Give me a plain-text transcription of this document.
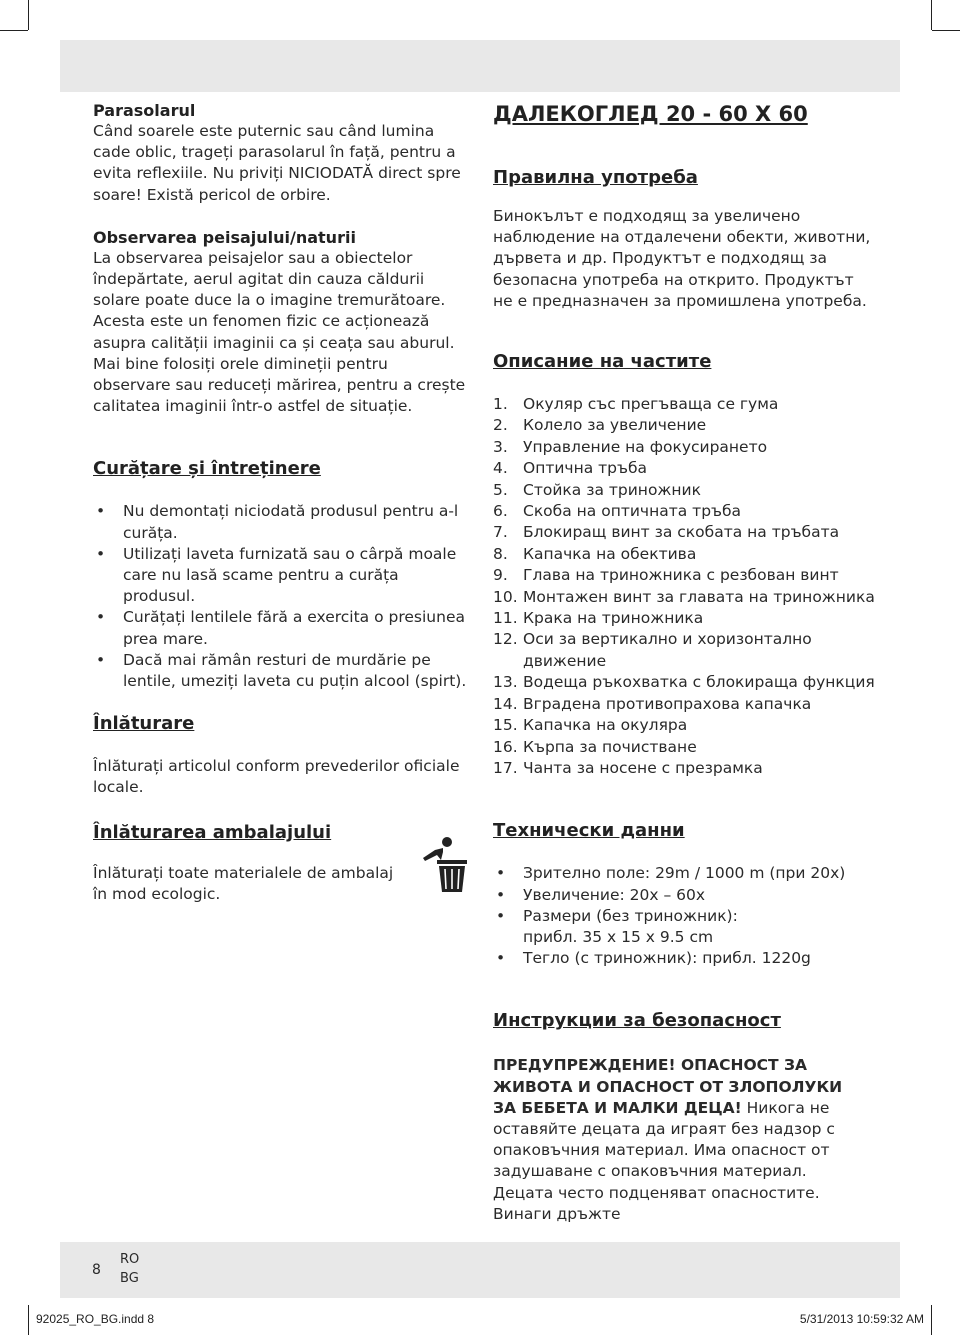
Parasolarul

Când soarele este puternic sau când lumina cade oblic, trageți parasolarul în față, pentru a evita reflexiile. Nu priviți NICIODATĂ direct spre soare! Există pericol de orbire.

Observarea peisajului/naturii

La observarea peisajelor sau a obiectelor îndepărtate, aerul agitat din cauza căldurii solare poate duce la o imagine tremurătoare. Acesta este un fenomen fizic ce acționează asupra calității imaginii ca și ceața sau aburul. Mai bine folosiți orele dimineții pentru observare sau reduceți mărirea, pentru a crește calitatea imaginii într-o astfel de situație.

Curățare și întreținere

• Nu demontați niciodată produsul pentru a-l curăța.
• Utilizați laveta furnizată sau o cârpă moale care nu lasă scame pentru a curăța produsul.
• Curățați lentilele fără a exercita o presiunea prea mare.
• Dacă mai rămân resturi de murdărie pe lentile, umeziți laveta cu puțin alcool (spirt).

Înlăturare

Înlăturați articolul conform prevederilor oficiale locale.

Înlăturarea ambalajului

Înlăturați toate materialele de ambalaj în mod ecologic.

ДАЛЕКОГЛЕД 20 - 60 X 60

Правилна употреба

Бинокълът е подходящ за увеличено наблюдение на отдалечени обекти, животни, дървета и др. Продуктът е подходящ за безопасна употреба на открито. Продуктът не е предназначен за промишлена употреба.

Описание на частите

1. Окуляр със прегъваща се гума
2. Колело за увеличение
3. Управление на фокусирането
4. Оптична тръба
5. Стойка за триножник
6. Скоба на оптичната тръба
7. Блокиращ винт за скобата на тръбата
8. Капачка на обектива
9. Глава на триножника с резбован винт
10. Монтажен винт за главата на триножника
11. Крака на триножника
12. Оси за вертикално и хоризонтално движение
13. Водеща ръкохватка с блокираща функция
14. Вградена противопрахова капачка
15. Капачка на окуляра
16. Кърпа за почистване
17. Чанта за носене с презрамка

Технически данни

• Зрително поле: 29m / 1000 m (при 20x)
• Увеличение: 20x – 60x
• Размери (без триножник): прибл. 35 x 15 x 9.5 cm
• Тегло (с триножник): прибл. 1220g

Инструкции за безопасност

ПРЕДУПРЕЖДЕНИЕ! ОПАСНОСТ ЗА ЖИВОТА И ОПАСНОСТ ОТ ЗЛОПОЛУКИ ЗА БЕБЕТА И МАЛКИ ДЕЦА! Никога не оставяйте децата да играят без надзор с опаковъчния материал. Има опасност от задушаване с опаковъчния материал. Децата често подценяват опасностите. Винаги дръжте

8
RO
BG
92025_RO_BG.indd 8	5/31/2013 10:59:32 AM
